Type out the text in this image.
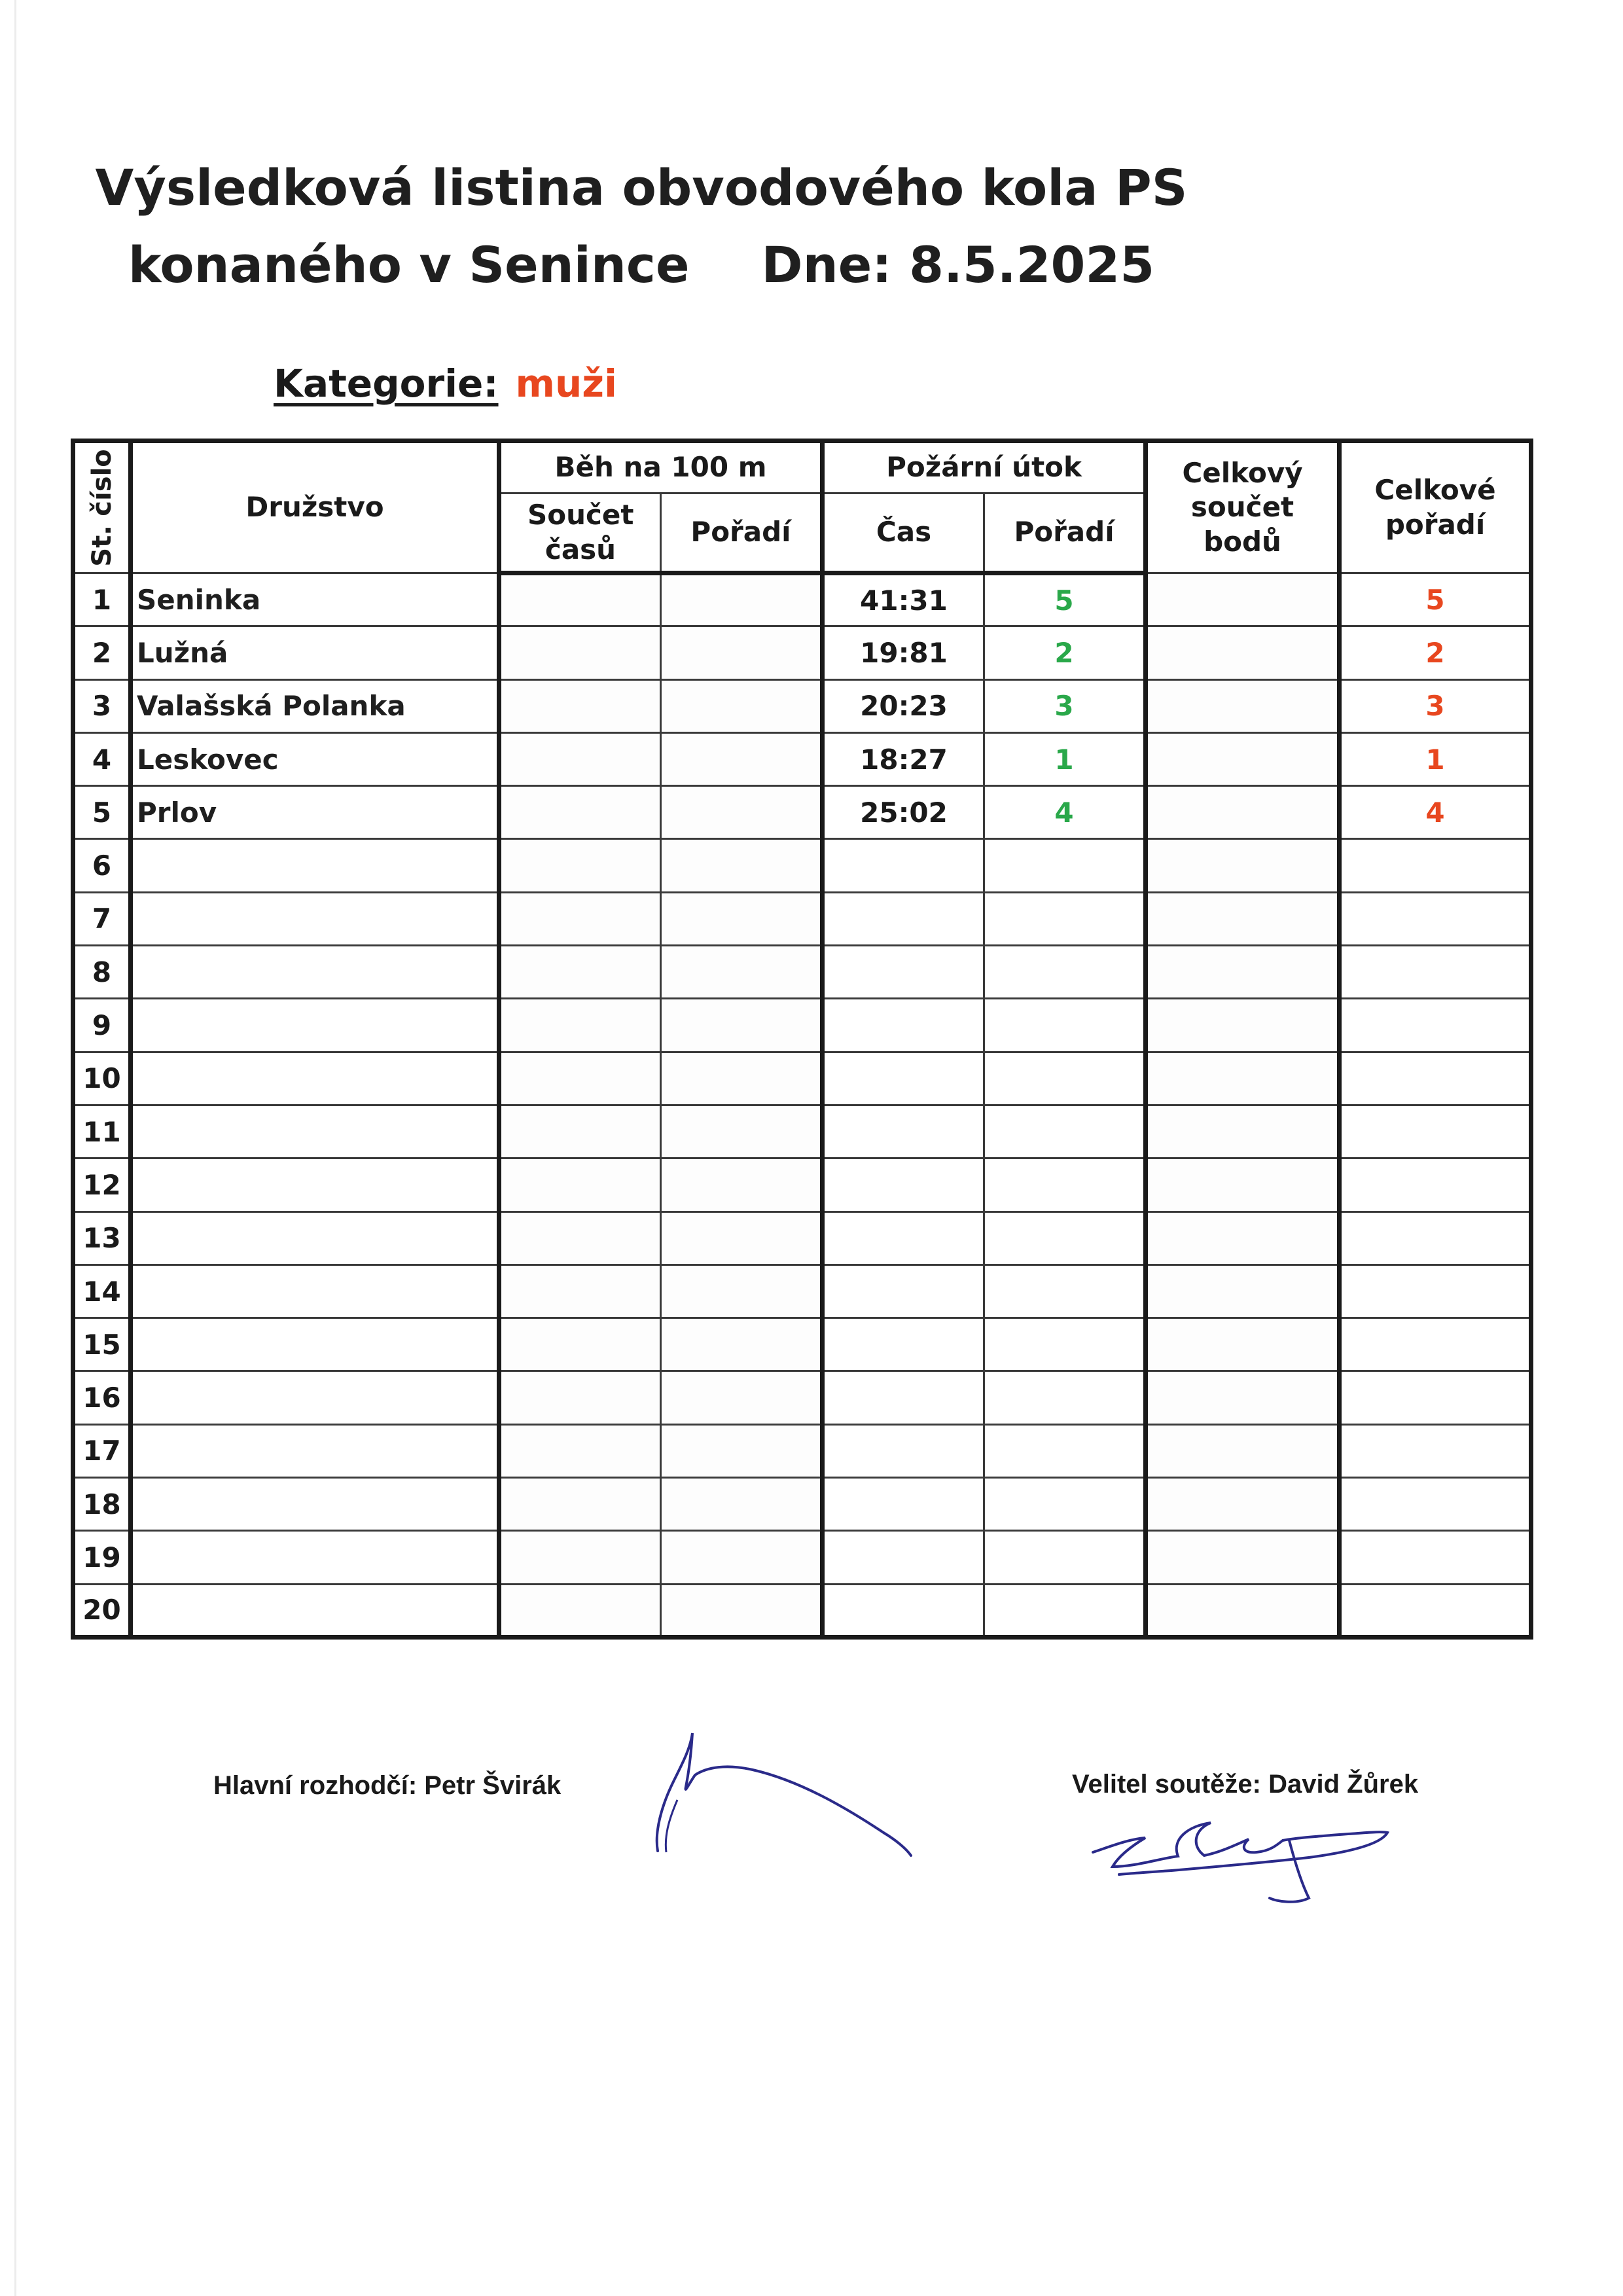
Výsledková listina obvodového kola PS
konaného v Senince Dne: 8.5.2025
Kategorie: muži
St. číslo	Družstvo	Běh na 100 m		Požární útok		Celkový součet bodů	Celkové pořadí
		Součet časů	Pořadí	Čas	Pořadí		
1	Seninka			41:31	5		5
2	Lužná			19:81	2		2
3	Valašská Polanka			20:23	3		3
4	Leskovec			18:27	1		1
5	Prlov			25:02	4		4
6							
7							
8							
9							
10							
11							
12							
13							
14							
15							
16							
17							
18							
19							
20							
Hlavní rozhodčí: Petr Švirák	Velitel soutěže: David Žůrek
